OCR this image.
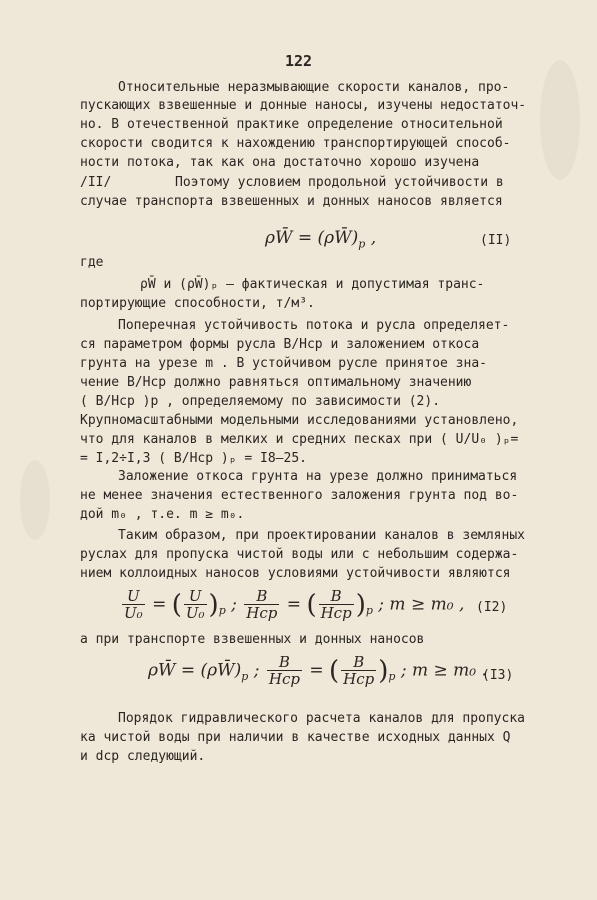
122
Относительные неразмывающие скорости каналов, про-
пускающих взвешенные и донные наносы, изучены недостаточ-
но. В отечественной практике определение относительной
скорости сводится к нахождению транспортирующей способ-
ности потока, так как она достаточно хорошо изучена
/II/	Поэтому условием продольной устойчивости в
случае транспорта взвешенных и донных наносов является
ρW̄ = $(\rho W̄)_p$ ,	(II)
где
ρW̄ и (ρW̄)ₚ – фактическая и допустимая транс-
портирующие способности, т/м³.
Поперечная устойчивость потока и русла определяет-
ся параметром формы русла B/Hcp и заложением откоса
грунта на урезе m . В устойчивом русле принятое зна-
чение B/Hcp должно равняться оптимальному значению
( B/Hcp )p , определяемому по зависимости (2).
Крупномасштабными модельными исследованиями установлено,
что для каналов в мелких и средних песках при ( U/U₀ )ₚ=
= I,2÷I,3 ( B/Hcp )ₚ = I8–25.
Заложение откоса грунта на урезе должно приниматься
не менее значения естественного заложения грунта под во-
дой m₀ , т.е. m ≥ m₀.
Таким образом, при проектировании каналов в земляных
руслах для пропуска чистой воды или с небольшим содержа-
нием коллоидных наносов условиями устойчивости являются
$\frac{U}{\text{U₀}}$ = ( $\frac{U}{\text{U₀}} )_p$ ; $\frac{B}{\text{Hcp}}$ = ( $\frac{B}{\text{Hcp}} )_p$ ; m ≥ m₀ , (I2)
а при транспорте взвешенных и донных наносов
ρW̄ = $(\rho W̄)_p$ ; $\frac{B}{\text{Hcp}}$ = ( $\frac{B}{\text{Hcp}} )_p$ ; m ≥ m₀ .
(I3)
Порядок гидравлического расчета каналов для пропуска
ка чистой воды при наличии в качестве исходных данных Q
и dcp следующий.
